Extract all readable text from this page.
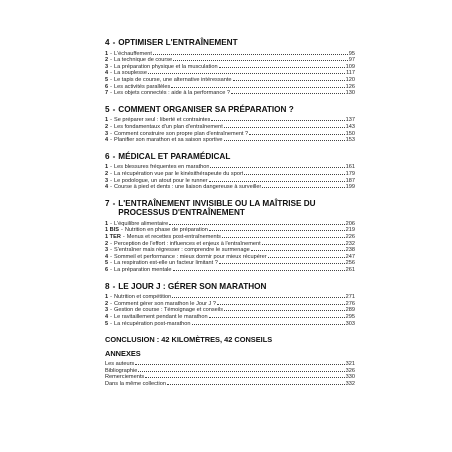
4 - OPTIMISER L'ENTRAÎNEMENT
1 - L'échauffement	95
2 - La technique de course	97
3 - La préparation physique et la musculation	109
4 - La souplesse	117
5 - Le tapis de course, une alternative intéressante	120
6 - Les activités parallèles	126
7 - Les objets connectés : aide à la performance ?	130
5 - COMMENT ORGANISER SA PRÉPARATION ?
1 - Se préparer seul : liberté et contraintes	137
2 - Les fondamentaux d'un plan d'entraînement	143
3 - Comment construire son propre plan d'entraînement ?	150
4 - Planifier son marathon et sa saison sportive	153
6 - MÉDICAL ET PARAMÉDICAL
1 - Les blessures fréquentes en marathon	161
2 - La récupération vue par le kinésithérapeute du sport	179
3 - Le podologue, un atout pour le runner	187
4 - Course à pied et dents : une liaison dangereuse à surveiller	199
7 - L'ENTRAÎNEMENT INVISIBLE OU LA MAÎTRISE DU PROCESSUS D'ENTRAÎNEMENT
1 - L'équilibre alimentaire	206
1 BIS - Nutrition en phase de préparation	219
1 TER - Menus et recettes post-entraînements	226
2 - Perception de l'effort : influences et enjeux à l'entraînement	232
3 - S'entraîner mais régresser : comprendre le surmenage	238
4 - Sommeil et performance : mieux dormir pour mieux récupérer	247
5 - La respiration est-elle un facteur limitant ?	256
6 - La préparation mentale	261
8 - LE JOUR J : GÉRER SON MARATHON
1 - Nutrition et compétition	271
2 - Comment gérer son marathon le Jour J ?	276
3 - Gestion de course : Témoignage et conseils	289
4 - Le ravitaillement pendant le marathon	295
5 - La récupération post-marathon	303
CONCLUSION : 42 KILOMÈTRES, 42 CONSEILS
ANNEXES
Les auteurs	321
Bibliographie	326
Remerciements	330
Dans la même collection	332
